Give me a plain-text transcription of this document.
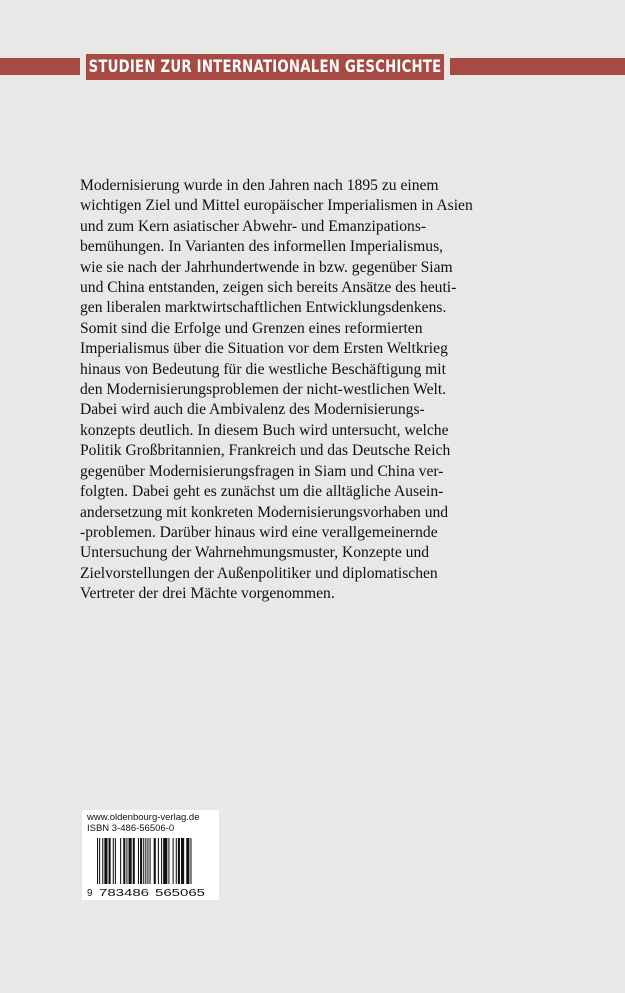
STUDIEN ZUR INTERNATIONALEN GESCHICHTE

Modernisierung wurde in den Jahren nach 1895 zu einem
wichtigen Ziel und Mittel europäischer Imperialismen in Asien
und zum Kern asiatischer Abwehr- und Emanzipations-
bemühungen. In Varianten des informellen Imperialismus,
wie sie nach der Jahrhundertwende in bzw. gegenüber Siam
und China entstanden, zeigen sich bereits Ansätze des heuti-
gen liberalen marktwirtschaftlichen Entwicklungsdenkens.
Somit sind die Erfolge und Grenzen eines reformierten
Imperialismus über die Situation vor dem Ersten Weltkrieg
hinaus von Bedeutung für die westliche Beschäftigung mit
den Modernisierungsproblemen der nicht-westlichen Welt.
Dabei wird auch die Ambivalenz des Modernisierungs-
konzepts deutlich. In diesem Buch wird untersucht, welche
Politik Großbritannien, Frankreich und das Deutsche Reich
gegenüber Modernisierungsfragen in Siam und China ver-
folgten. Dabei geht es zunächst um die alltägliche Ausein-
andersetzung mit konkreten Modernisierungsvorhaben und
-problemen. Darüber hinaus wird eine verallgemeinernde
Untersuchung der Wahrnehmungsmuster, Konzepte und
Zielvorstellungen der Außenpolitiker und diplomatischen
Vertreter der drei Mächte vorgenommen.

www.oldenbourg-verlag.de
ISBN 3-486-56506-0
9 783486 565065
